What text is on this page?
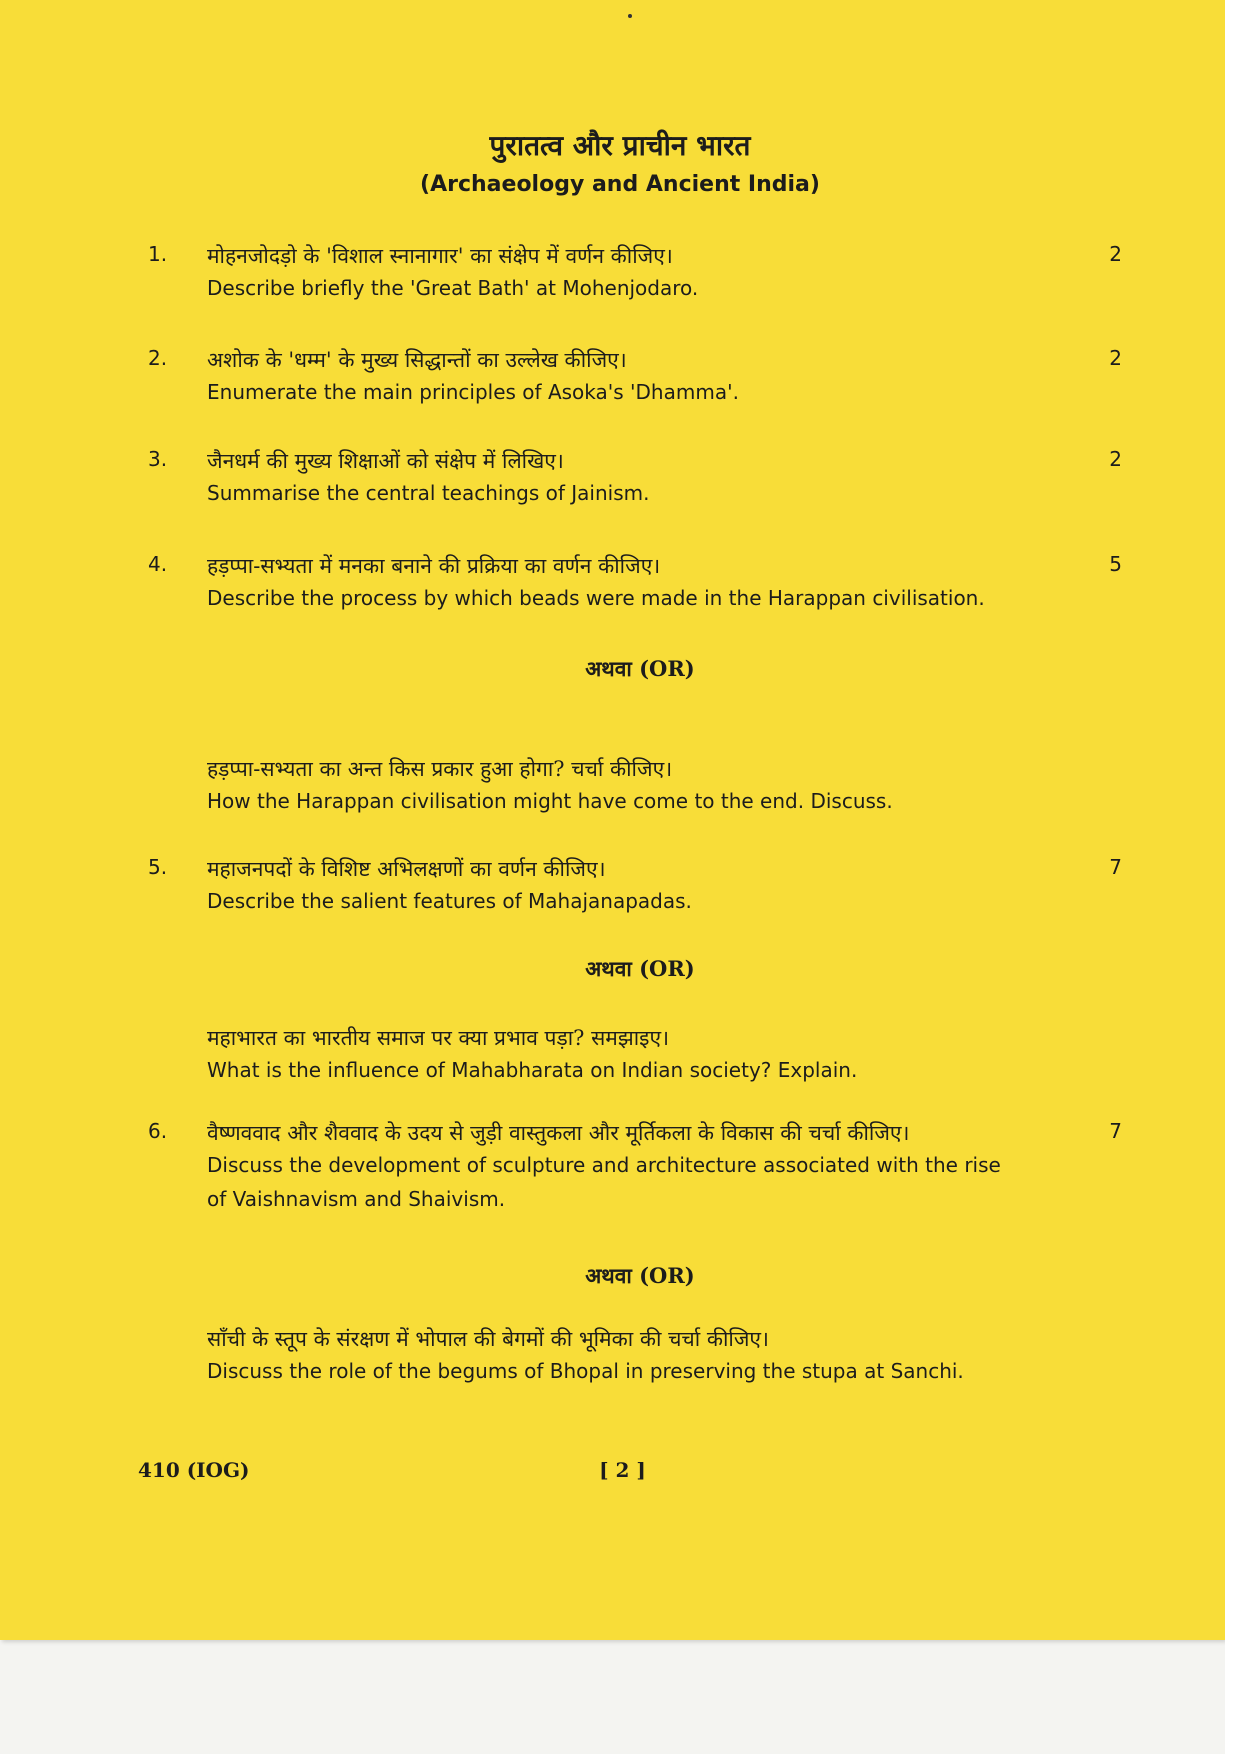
पुरातत्व और प्राचीन भारत
(Archaeology and Ancient India)
1. मोहनजोदड़ो के 'विशाल स्नानागार' का संक्षेप में वर्णन कीजिए।
Describe briefly the 'Great Bath' at Mohenjodaro.
2
2. अशोक के 'धम्म' के मुख्य सिद्धान्तों का उल्लेख कीजिए।
Enumerate the main principles of Asoka's 'Dhamma'.
2
3. जैनधर्म की मुख्य शिक्षाओं को संक्षेप में लिखिए।
Summarise the central teachings of Jainism.
2
4. हड़प्पा-सभ्यता में मनका बनाने की प्रक्रिया का वर्णन कीजिए।
Describe the process by which beads were made in the Harappan civilisation.
5
अथवा (OR)
हड़प्पा-सभ्यता का अन्त किस प्रकार हुआ होगा? चर्चा कीजिए।
How the Harappan civilisation might have come to the end. Discuss.
5. महाजनपदों के विशिष्ट अभिलक्षणों का वर्णन कीजिए।
Describe the salient features of Mahajanapadas.
7
अथवा (OR)
महाभारत का भारतीय समाज पर क्या प्रभाव पड़ा? समझाइए।
What is the influence of Mahabharata on Indian society? Explain.
6. वैष्णववाद और शैववाद के उदय से जुड़ी वास्तुकला और मूर्तिकला के विकास की चर्चा कीजिए।
Discuss the development of sculpture and architecture associated with the rise
of Vaishnavism and Shaivism.
7
अथवा (OR)
साँची के स्तूप के संरक्षण में भोपाल की बेगमों की भूमिका की चर्चा कीजिए।
Discuss the role of the begums of Bhopal in preserving the stupa at Sanchi.
410 (IOG)	[ 2 ]
